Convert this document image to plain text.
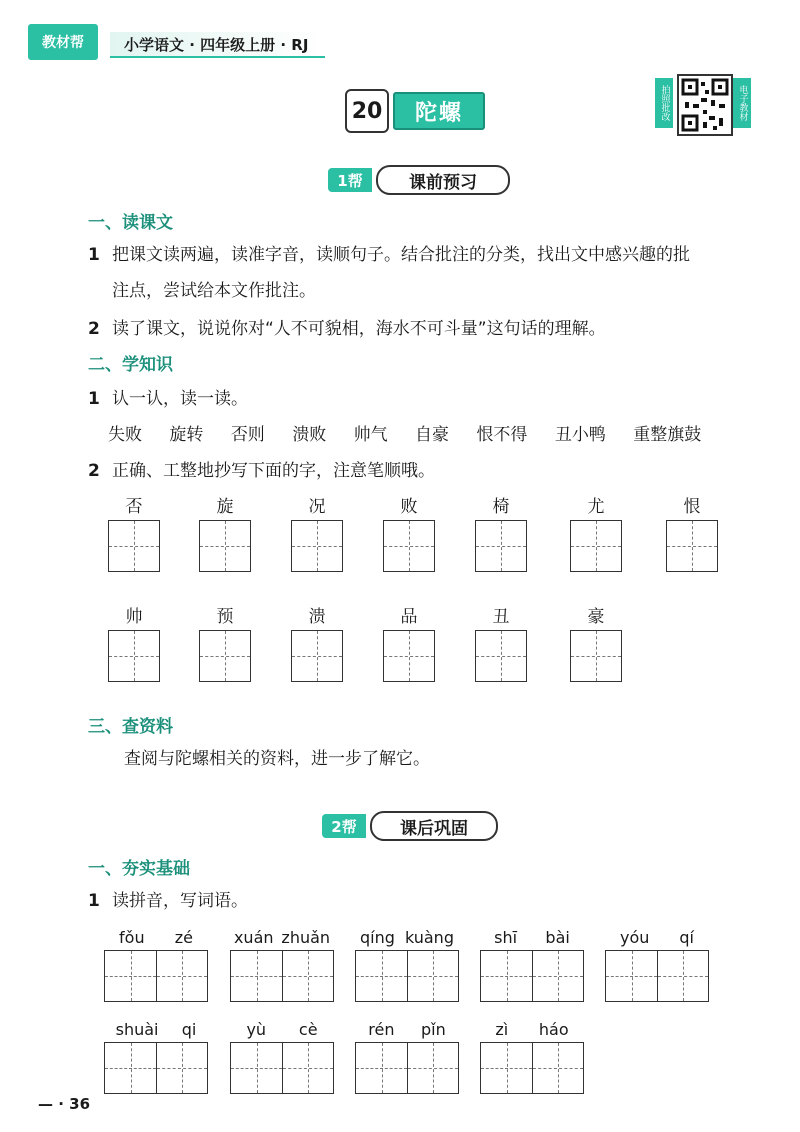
教材帮	小学语文 · 四年级上册 · RJ
20	陀螺	拍照批改	电子教材
1帮	课前预习
一、读课文
1 把课文读两遍，读准字音，读顺句子。结合批注的分类，找出文中感兴趣的批
注点，尝试给本文作批注。
2 读了课文，说说你对“人不可貌相，海水不可斗量”这句话的理解。
二、学知识
1 认一认，读一读。
失败 旋转 否则 溃败 帅气 自豪 恨不得 丑小鸭 重整旗鼓
2 正确、工整地抄写下面的字，注意笔顺哦。
否	旋	况	败	椅	尤	恨
帅	预	溃	品	丑	豪
三、查资料
查阅与陀螺相关的资料，进一步了解它。
2帮	课后巩固
一、夯实基础
1 读拼音，写词语。
fǒu zé	xuán zhuǎn qíng kuàng	shī bài	yóu qí
shuài qi	yù cè	rén pǐn	zì háo
— · 36
